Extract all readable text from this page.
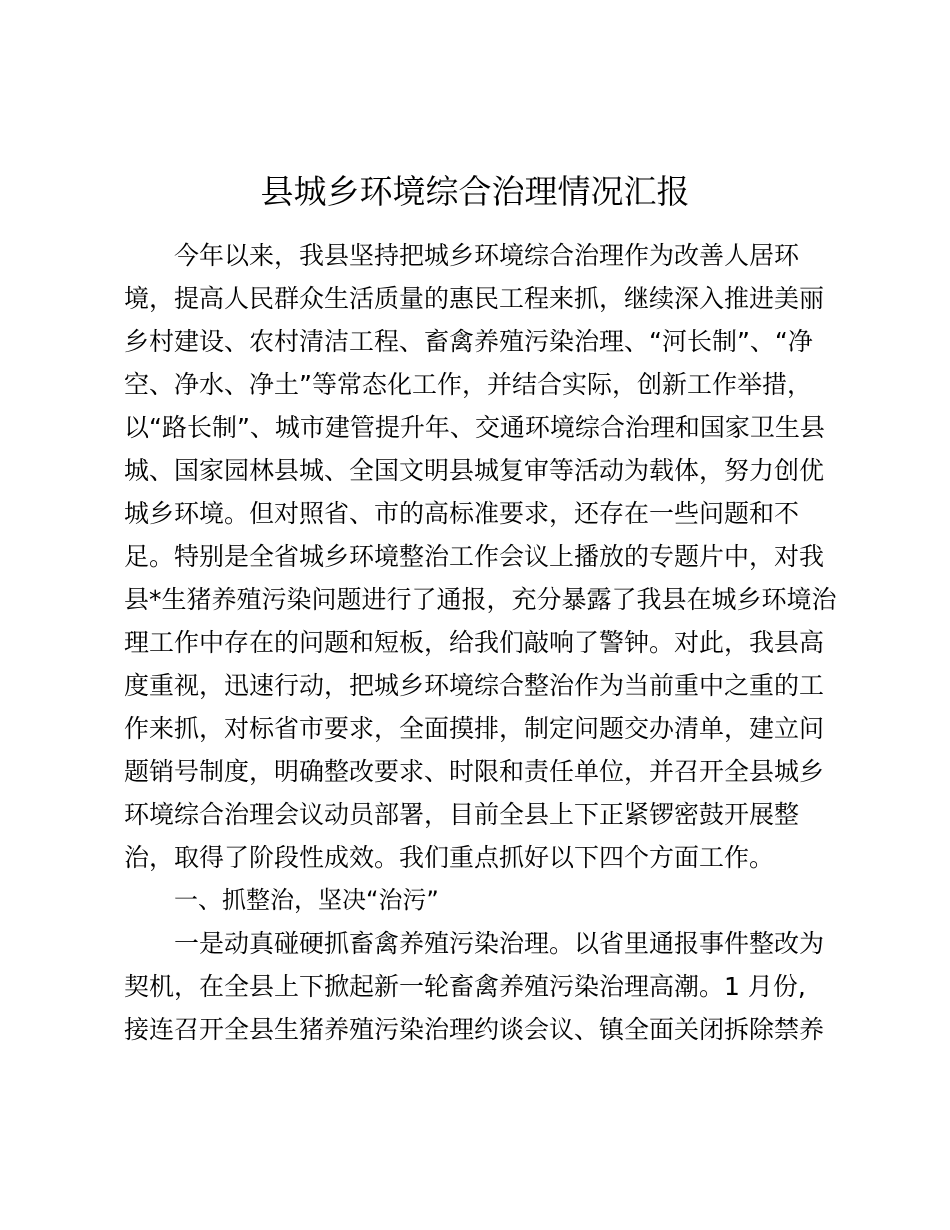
县城乡环境综合治理情况汇报
今年以来，我县坚持把城乡环境综合治理作为改善人居环
境，提高人民群众生活质量的惠民工程来抓，继续深入推进美丽
乡村建设、农村清洁工程、畜禽养殖污染治理、“河长制”、“净
空、净水、净土”等常态化工作，并结合实际，创新工作举措，
以“路长制”、城市建管提升年、交通环境综合治理和国家卫生县
城、国家园林县城、全国文明县城复审等活动为载体，努力创优
城乡环境。但对照省、市的高标准要求，还存在一些问题和不
足。特别是全省城乡环境整治工作会议上播放的专题片中，对我
县*生猪养殖污染问题进行了通报，充分暴露了我县在城乡环境治
理工作中存在的问题和短板，给我们敲响了警钟。对此，我县高
度重视，迅速行动，把城乡环境综合整治作为当前重中之重的工
作来抓，对标省市要求，全面摸排，制定问题交办清单，建立问
题销号制度，明确整改要求、时限和责任单位，并召开全县城乡
环境综合治理会议动员部署，目前全县上下正紧锣密鼓开展整
治，取得了阶段性成效。我们重点抓好以下四个方面工作。
一、抓整治，坚决“治污”
一是动真碰硬抓畜禽养殖污染治理。以省里通报事件整改为
契机，在全县上下掀起新一轮畜禽养殖污染治理高潮。1 月份,
接连召开全县生猪养殖污染治理约谈会议、镇全面关闭拆除禁养
